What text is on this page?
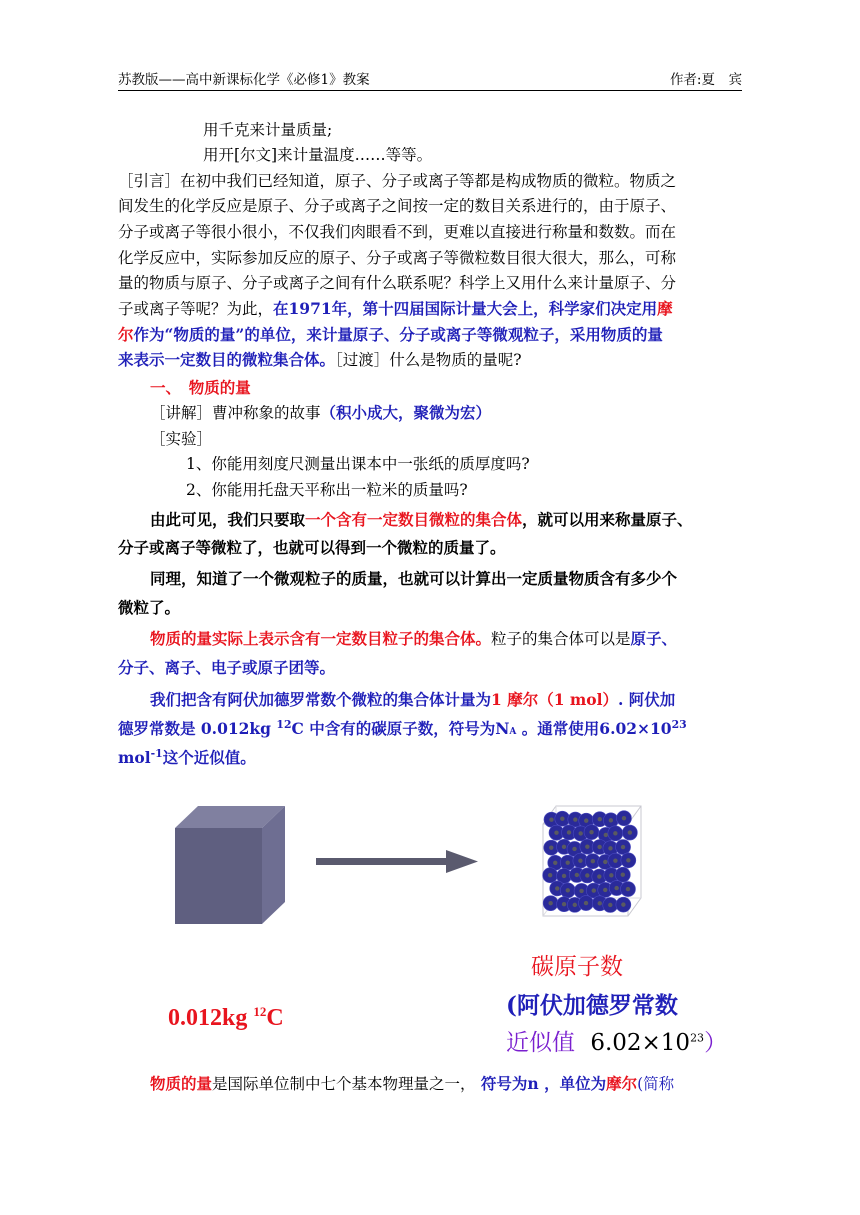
苏教版——高中新课标化学《必修1》教案	作者:夏　宾
用千克来计量质量;
用开[尔文]来计量温度……等等。
［引言］在初中我们已经知道，原子、分子或离子等都是构成物质的微粒。物质之
间发生的化学反应是原子、分子或离子之间按一定的数目关系进行的，由于原子、
分子或离子等很小很小，不仅我们肉眼看不到，更难以直接进行称量和数数。而在
化学反应中，实际参加反应的原子、分子或离子等微粒数目很大很大，那么，可称
量的物质与原子、分子或离子之间有什么联系呢？科学上又用什么来计量原子、分
子或离子等呢？为此，在1971年，第十四届国际计量大会上，科学家们决定用摩
尔作为“物质的量”的单位，来计量原子、分子或离子等微观粒子，采用物质的量
来表示一定数目的微粒集合体。［过渡］什么是物质的量呢?
一、　物质的量
［讲解］曹冲称象的故事（积小成大，聚微为宏）
［实验］
1、你能用刻度尺测量出课本中一张纸的质厚度吗?
2、你能用托盘天平称出一粒米的质量吗?
由此可见，我们只要取一个含有一定数目微粒的集合体，就可以用来称量原子、
分子或离子等微粒了，也就可以得到一个微粒的质量了。
同理，知道了一个微观粒子的质量，也就可以计算出一定质量物质含有多少个
微粒了。
物质的量实际上表示含有一定数目粒子的集合体。粒子的集合体可以是原子、
分子、离子、电子或原子团等。
我们把含有阿伏加德罗常数个微粒的集合体计量为1 摩尔（1 mol）. 阿伏加
德罗常数是 0.012kg $^{12}$C 中含有的碳原子数，符号为NA 。通常使用$6.02\times 10^{23}$
mol$^{-1}$这个近似值。
碳原子数
0.012kg $^{12}$C	(阿伏加德罗常数
近似值 $6.02\times 10^{23}$）
物质的量是国际单位制中七个基本物理量之一， 符号为n ，单位为摩尔(简称
